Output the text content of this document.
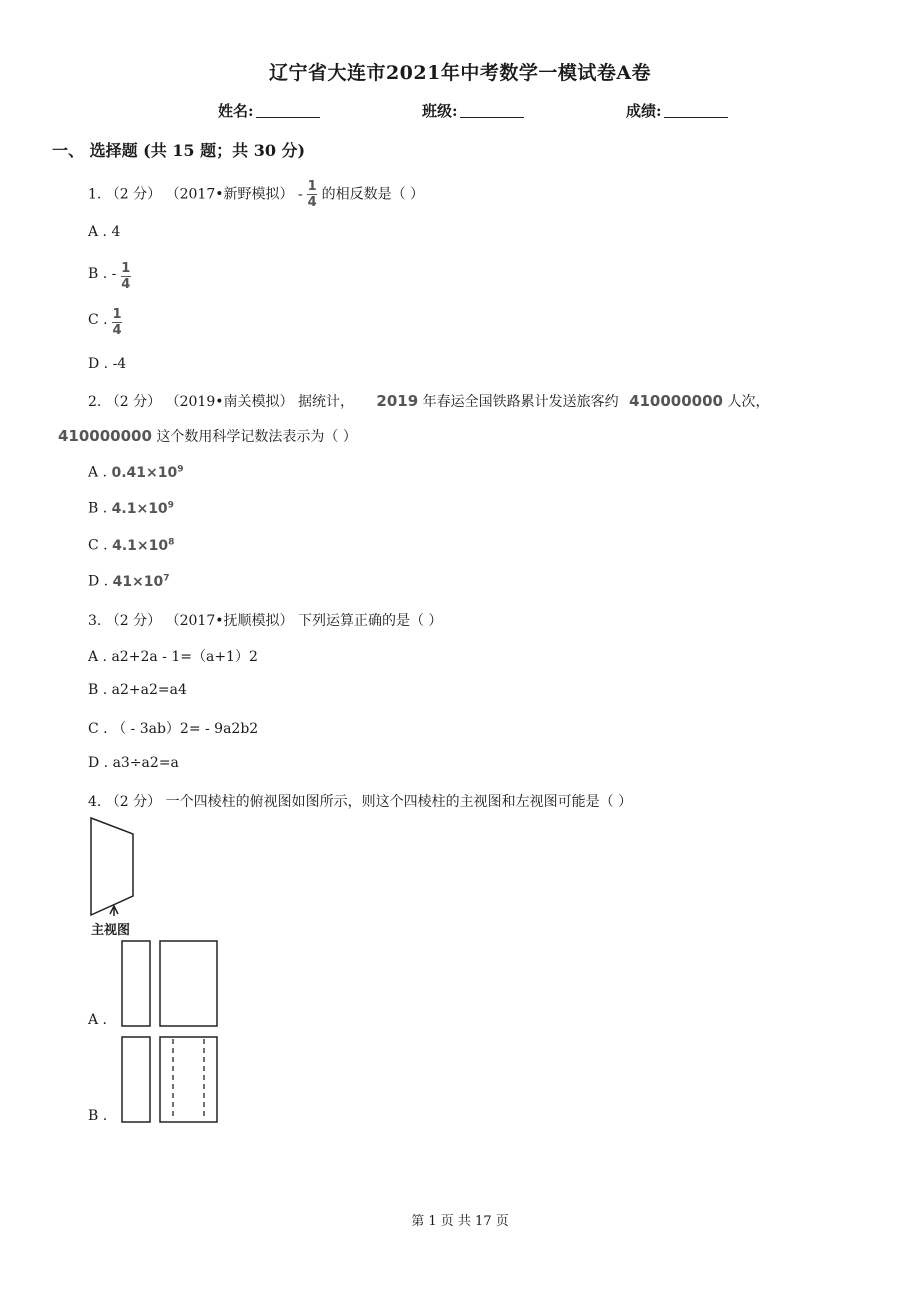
辽宁省大连市2021年中考数学一模试卷A卷
姓名:	班级:	成绩:
一、 选择题 (共 15 题；共 30 分)
1. （2 分） （2017•新野模拟） - $\frac{1}{4}$ 的相反数是（ ）
A . 4
B . - $\frac{1}{4}$
C . $\frac{1}{4}$
D . -4
2. （2 分） （2019•南关模拟） 据统计， 2019 年春运全国铁路累计发送旅客约 410000000 人次，
410000000 这个数用科学记数法表示为（ ）
A . $0.41\times 10^9$
B . $4.1\times 10^9$
C . $4.1\times 10^8$
D . $41\times 10^7$
3. （2 分） （2017•抚顺模拟） 下列运算正确的是（ ）
A . a2+2a - 1=（a+1）2
B . a2+a2=a4
C . （ - 3ab）2= - 9a2b2
D . a3÷a2=a
4. （2 分） 一个四棱柱的俯视图如图所示，则这个四棱柱的主视图和左视图可能是（ ）
主视图
A .
B .
第 1 页 共 17 页
